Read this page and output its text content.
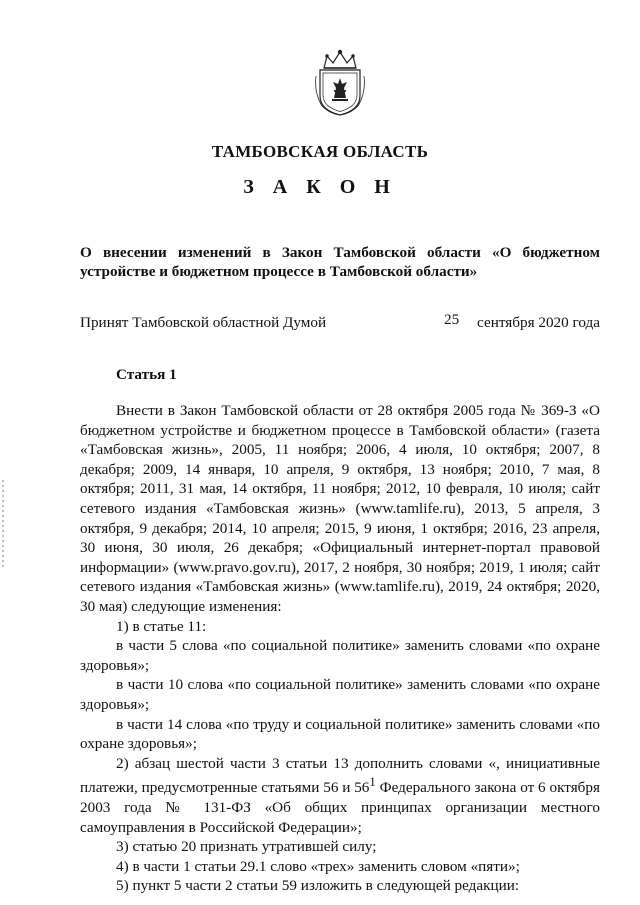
ТАМБОВСКАЯ ОБЛАСТЬ
З А К О Н
О внесении изменений в Закон Тамбовской области «О бюджетном устройстве и бюджетном процессе в Тамбовской области»
Принят Тамбовской областной Думой	25 сентября 2020 года
Статья 1

Внести в Закон Тамбовской области от 28 октября 2005 года № 369-З «О бюджетном устройстве и бюджетном процессе в Тамбовской области» (газета «Тамбовская жизнь», 2005, 11 ноября; 2006, 4 июля, 10 октября; 2007, 8 декабря; 2009, 14 января, 10 апреля, 9 октября, 13 ноября; 2010, 7 мая, 8 октября; 2011, 31 мая, 14 октября, 11 ноября; 2012, 10 февраля, 10 июля; сайт сетевого издания «Тамбовская жизнь» (www.tamlife.ru), 2013, 5 апреля, 3 октября, 9 декабря; 2014, 10 апреля; 2015, 9 июня, 1 октября; 2016, 23 апреля, 30 июня, 30 июля, 26 декабря; «Официальный интернет-портал правовой информации» (www.pravo.gov.ru), 2017, 2 ноября, 30 ноября; 2019, 1 июля; сайт сетевого издания «Тамбовская жизнь» (www.tamlife.ru), 2019, 24 октября; 2020, 30 мая) следующие изменения:

1) в статье 11:

в части 5 слова «по социальной политике» заменить словами «по охране здоровья»;

в части 10 слова «по социальной политике» заменить словами «по охране здоровья»;

в части 14 слова «по труду и социальной политике» заменить словами «по охране здоровья»;

2) абзац шестой части 3 статьи 13 дополнить словами «, инициативные платежи, предусмотренные статьями 56 и $56^1$ Федерального закона от 6 октября 2003 года № 131-ФЗ «Об общих принципах организации местного самоуправления в Российской Федерации»;

3) статью 20 признать утратившей силу;

4) в части 1 статьи 29.1 слово «трех» заменить словом «пяти»;

5) пункт 5 части 2 статьи 59 изложить в следующей редакции:
